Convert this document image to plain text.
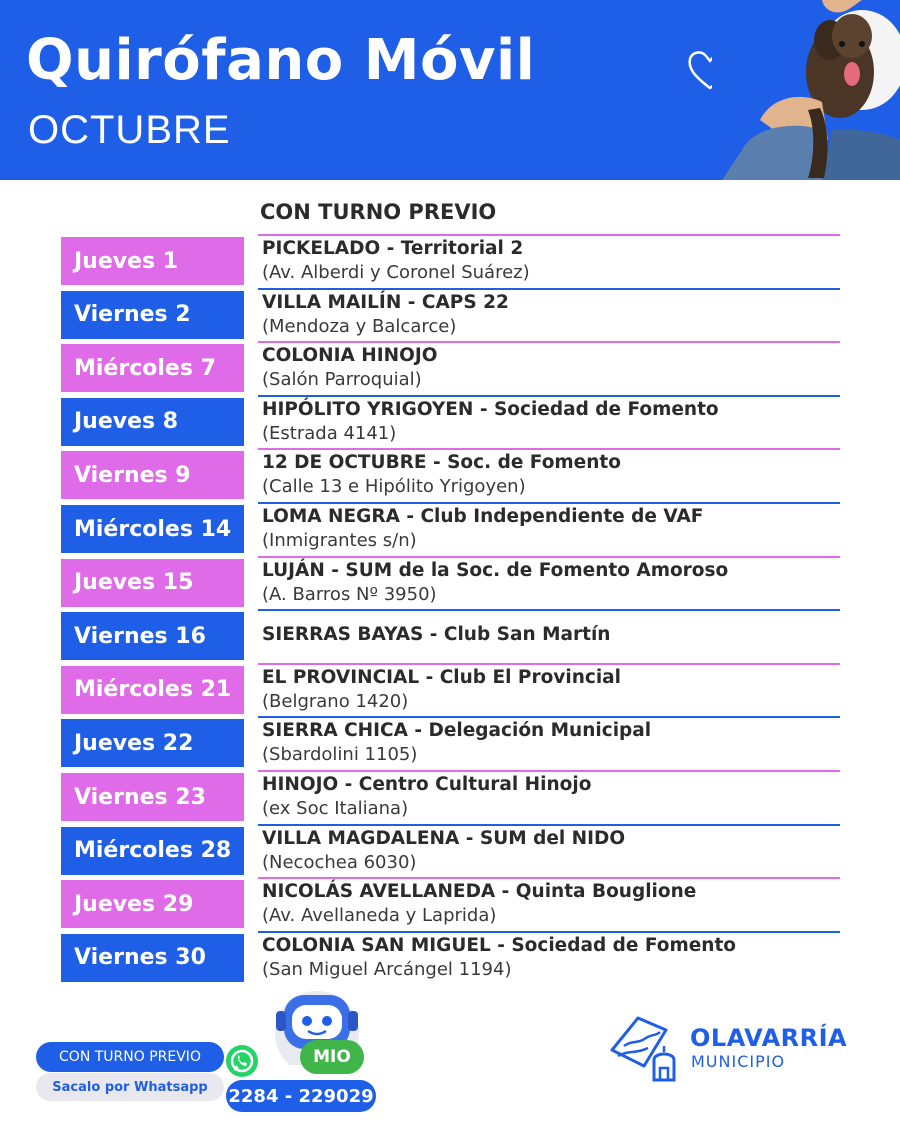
Quirófano Móvil
OCTUBRE
CON TURNO PREVIO
Jueves 1	PICKELADO - Territorial 2
(Av. Alberdi y Coronel Suárez)
Viernes 2	VILLA MAILÍN - CAPS 22
(Mendoza y Balcarce)
Miércoles 7	COLONIA HINOJO
(Salón Parroquial)
Jueves 8	HIPÓLITO YRIGOYEN - Sociedad de Fomento
(Estrada 4141)
Viernes 9	12 DE OCTUBRE - Soc. de Fomento
(Calle 13 e Hipólito Yrigoyen)
Miércoles 14	LOMA NEGRA - Club Independiente de VAF
(Inmigrantes s/n)
Jueves 15	LUJÁN - SUM de la Soc. de Fomento Amoroso
(A. Barros Nº 3950)
Viernes 16	SIERRAS BAYAS - Club San Martín
Miércoles 21	EL PROVINCIAL - Club El Provincial
(Belgrano 1420)
Jueves 22	SIERRA CHICA - Delegación Municipal
(Sbardolini 1105)
Viernes 23	HINOJO - Centro Cultural Hinojo
(ex Soc Italiana)
Miércoles 28	VILLA MAGDALENA - SUM del NIDO
(Necochea 6030)
Jueves 29	NICOLÁS AVELLANEDA - Quinta Bouglione
(Av. Avellaneda y Laprida)
Viernes 30	COLONIA SAN MIGUEL - Sociedad de Fomento
(San Miguel Arcángel 1194)
CON TURNO PREVIO
Sacalo por Whatsapp
MIO
2284 - 229029
OLAVARRÍA
MUNICIPIO
